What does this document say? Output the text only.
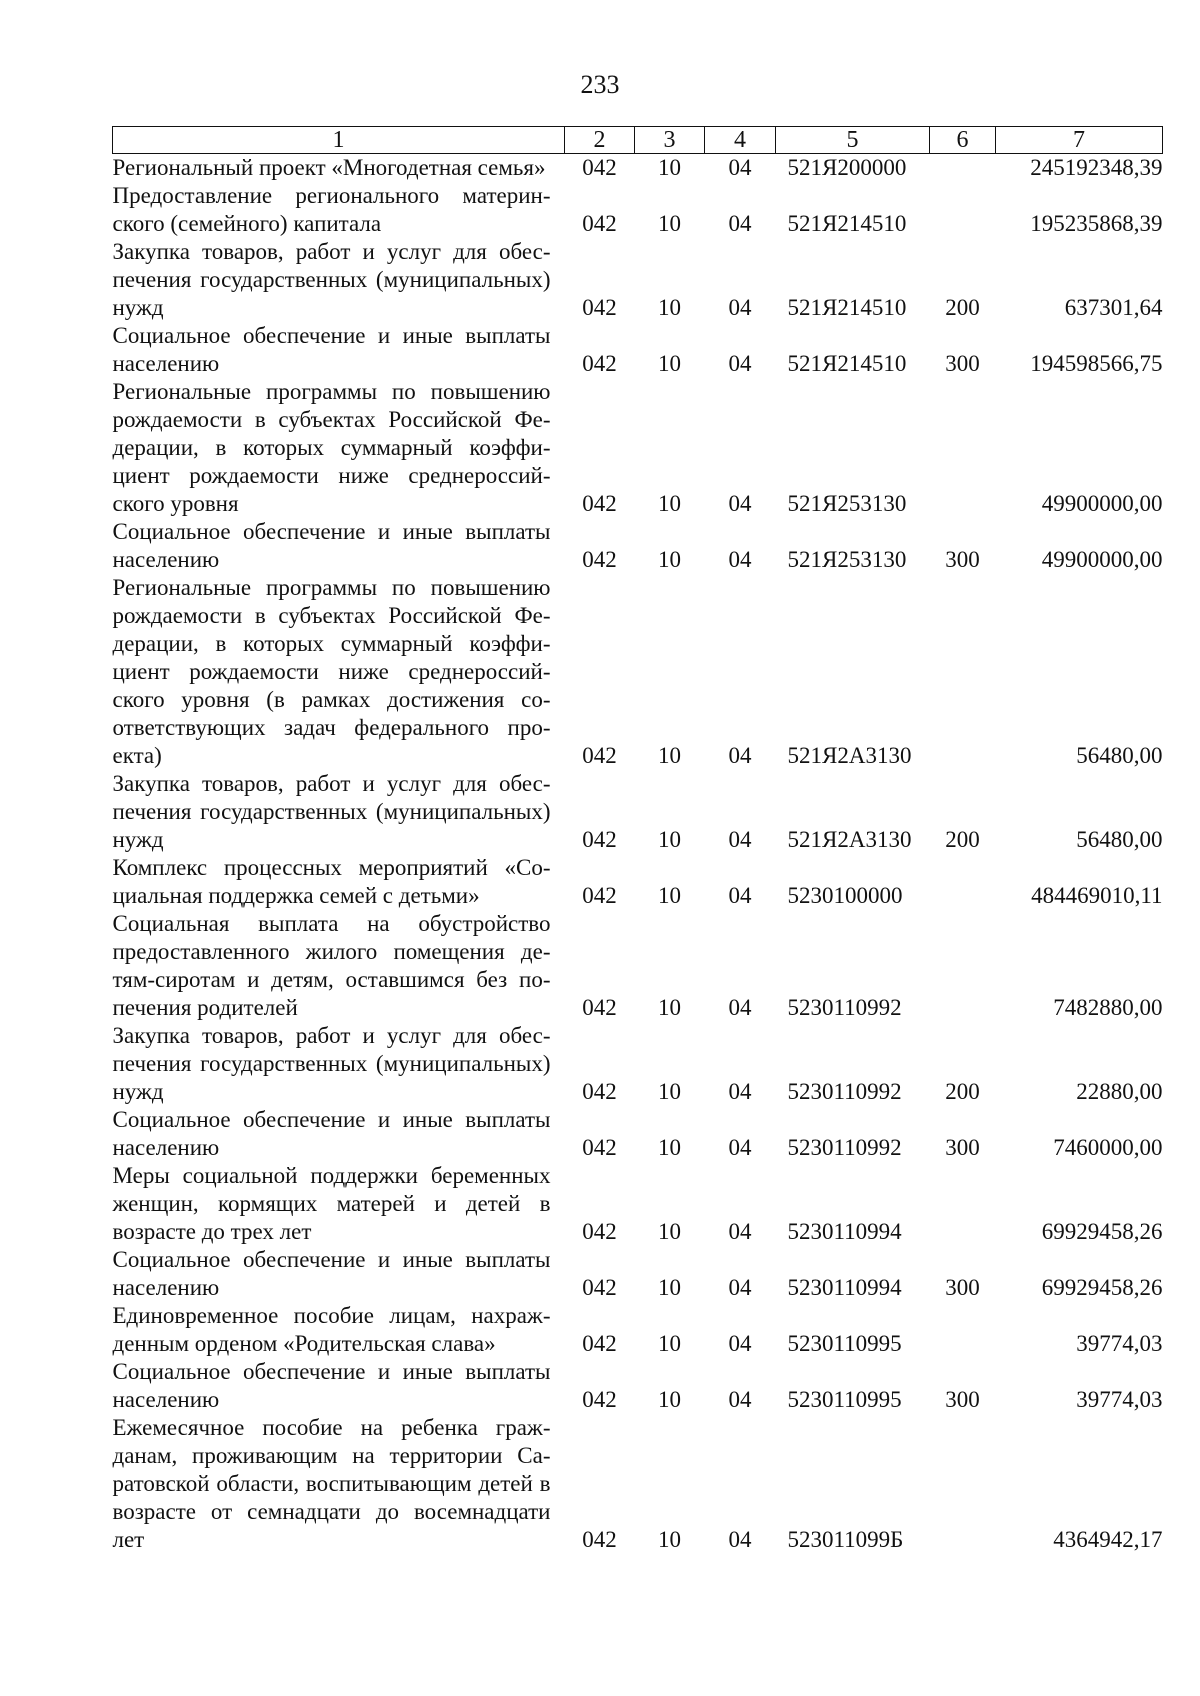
233
1	2	3	4	5	6	7
Региональный проект «Многодетная семья»	042	10	04	521Я200000		245192348,39
Предоставление регионального материнского (семейного) капитала	042	10	04	521Я214510		195235868,39
Закупка товаров, работ и услуг для обеспечения государственных (муниципальных) нужд	042	10	04	521Я214510	200	637301,64
Социальное обеспечение и иные выплаты населению	042	10	04	521Я214510	300	194598566,75
Региональные программы по повышению рождаемости в субъектах Российской Федерации, в которых суммарный коэффициент рождаемости ниже среднероссийского уровня	042	10	04	521Я253130		49900000,00
Социальное обеспечение и иные выплаты населению	042	10	04	521Я253130	300	49900000,00
Региональные программы по повышению рождаемости в субъектах Российской Федерации, в которых суммарный коэффициент рождаемости ниже среднероссийского уровня (в рамках достижения соответствующих задач федерального проекта)	042	10	04	521Я2А3130		56480,00
Закупка товаров, работ и услуг для обеспечения государственных (муниципальных) нужд	042	10	04	521Я2А3130	200	56480,00
Комплекс процессных мероприятий «Социальная поддержка семей с детьми»	042	10	04	5230100000		484469010,11
Социальная выплата на обустройство предоставленного жилого помещения детям-сиротам и детям, оставшимся без попечения родителей	042	10	04	5230110992		7482880,00
Закупка товаров, работ и услуг для обеспечения государственных (муниципальных) нужд	042	10	04	5230110992	200	22880,00
Социальное обеспечение и иные выплаты населению	042	10	04	5230110992	300	7460000,00
Меры социальной поддержки беременных женщин, кормящих матерей и детей в возрасте до трех лет	042	10	04	5230110994		69929458,26
Социальное обеспечение и иные выплаты населению	042	10	04	5230110994	300	69929458,26
Единовременное пособие лицам, нахражденным орденом «Родительская слава»	042	10	04	5230110995		39774,03
Социальное обеспечение и иные выплаты населению	042	10	04	5230110995	300	39774,03
Ежемесячное пособие на ребенка гражданам, проживающим на территории Саратовской области, воспитывающим детей в возрасте от семнадцати до восемнадцати лет	042	10	04	523011099Б		4364942,17
